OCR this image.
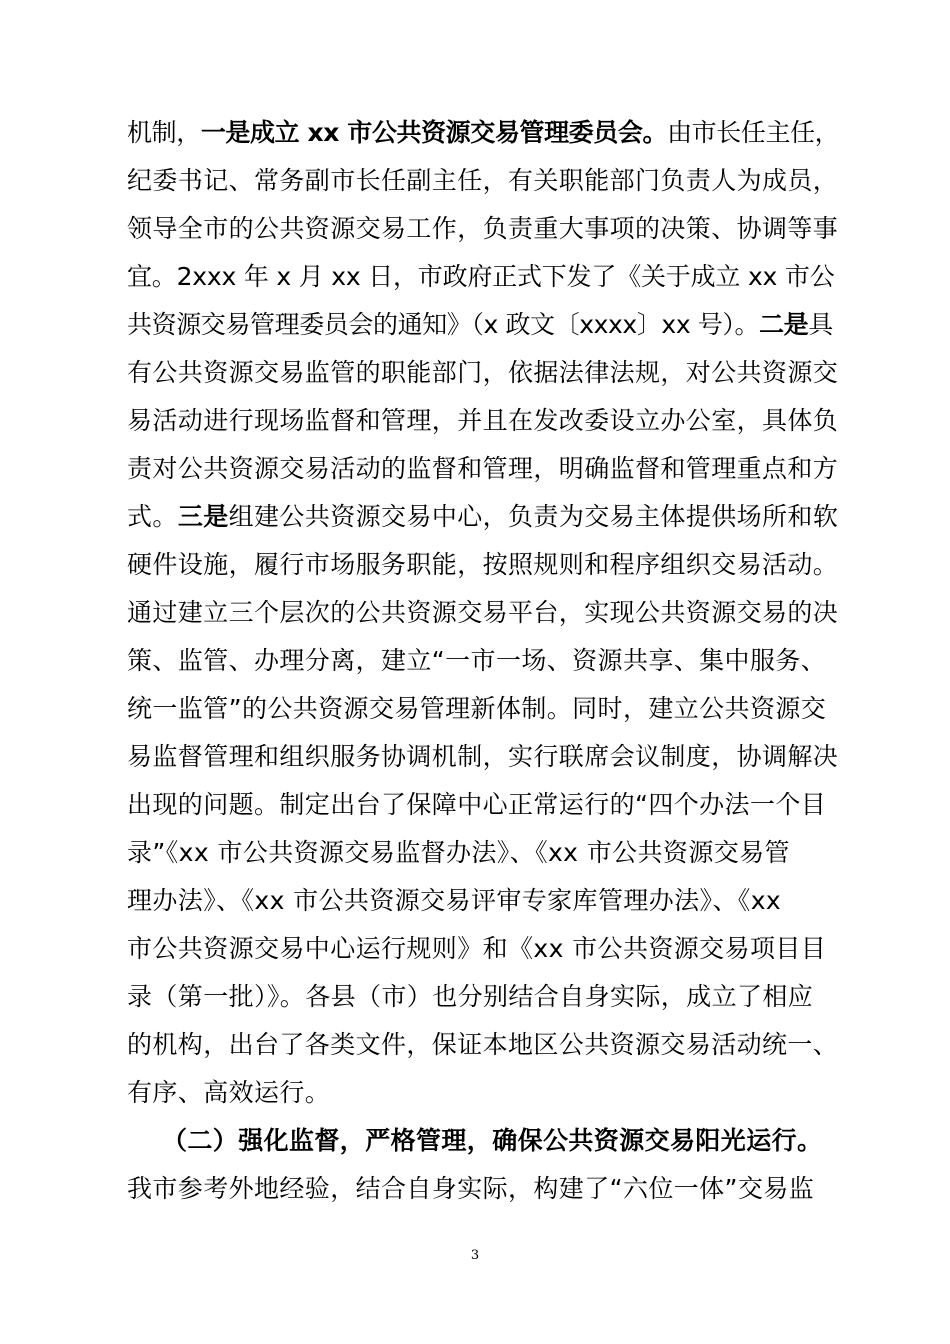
机制，一是成立 xx 市公共资源交易管理委员会。由市长任主任，
纪委书记、常务副市长任副主任，有关职能部门负责人为成员，
领导全市的公共资源交易工作，负责重大事项的决策、协调等事
宜。2xxx 年 x 月 xx 日，市政府正式下发了《关于成立 xx 市公
共资源交易管理委员会的通知》（x 政文〔xxxx〕xx 号）。二是具
有公共资源交易监管的职能部门，依据法律法规，对公共资源交
易活动进行现场监督和管理，并且在发改委设立办公室，具体负
责对公共资源交易活动的监督和管理，明确监督和管理重点和方
式。三是组建公共资源交易中心，负责为交易主体提供场所和软
硬件设施，履行市场服务职能，按照规则和程序组织交易活动。
通过建立三个层次的公共资源交易平台，实现公共资源交易的决
策、监管、办理分离，建立“一市一场、资源共享、集中服务、
统一监管”的公共资源交易管理新体制。同时，建立公共资源交
易监督管理和组织服务协调机制，实行联席会议制度，协调解决
出现的问题。制定出台了保障中心正常运行的“四个办法一个目
录”《xx 市公共资源交易监督办法》、《xx 市公共资源交易管
理办法》、《xx 市公共资源交易评审专家库管理办法》、《xx
市公共资源交易中心运行规则》和《xx 市公共资源交易项目目
录（第一批）》。各县（市）也分别结合自身实际，成立了相应
的机构，出台了各类文件，保证本地区公共资源交易活动统一、
有序、高效运行。
（二）强化监督，严格管理，确保公共资源交易阳光运行。
我市参考外地经验，结合自身实际，构建了“六位一体”交易监
3
